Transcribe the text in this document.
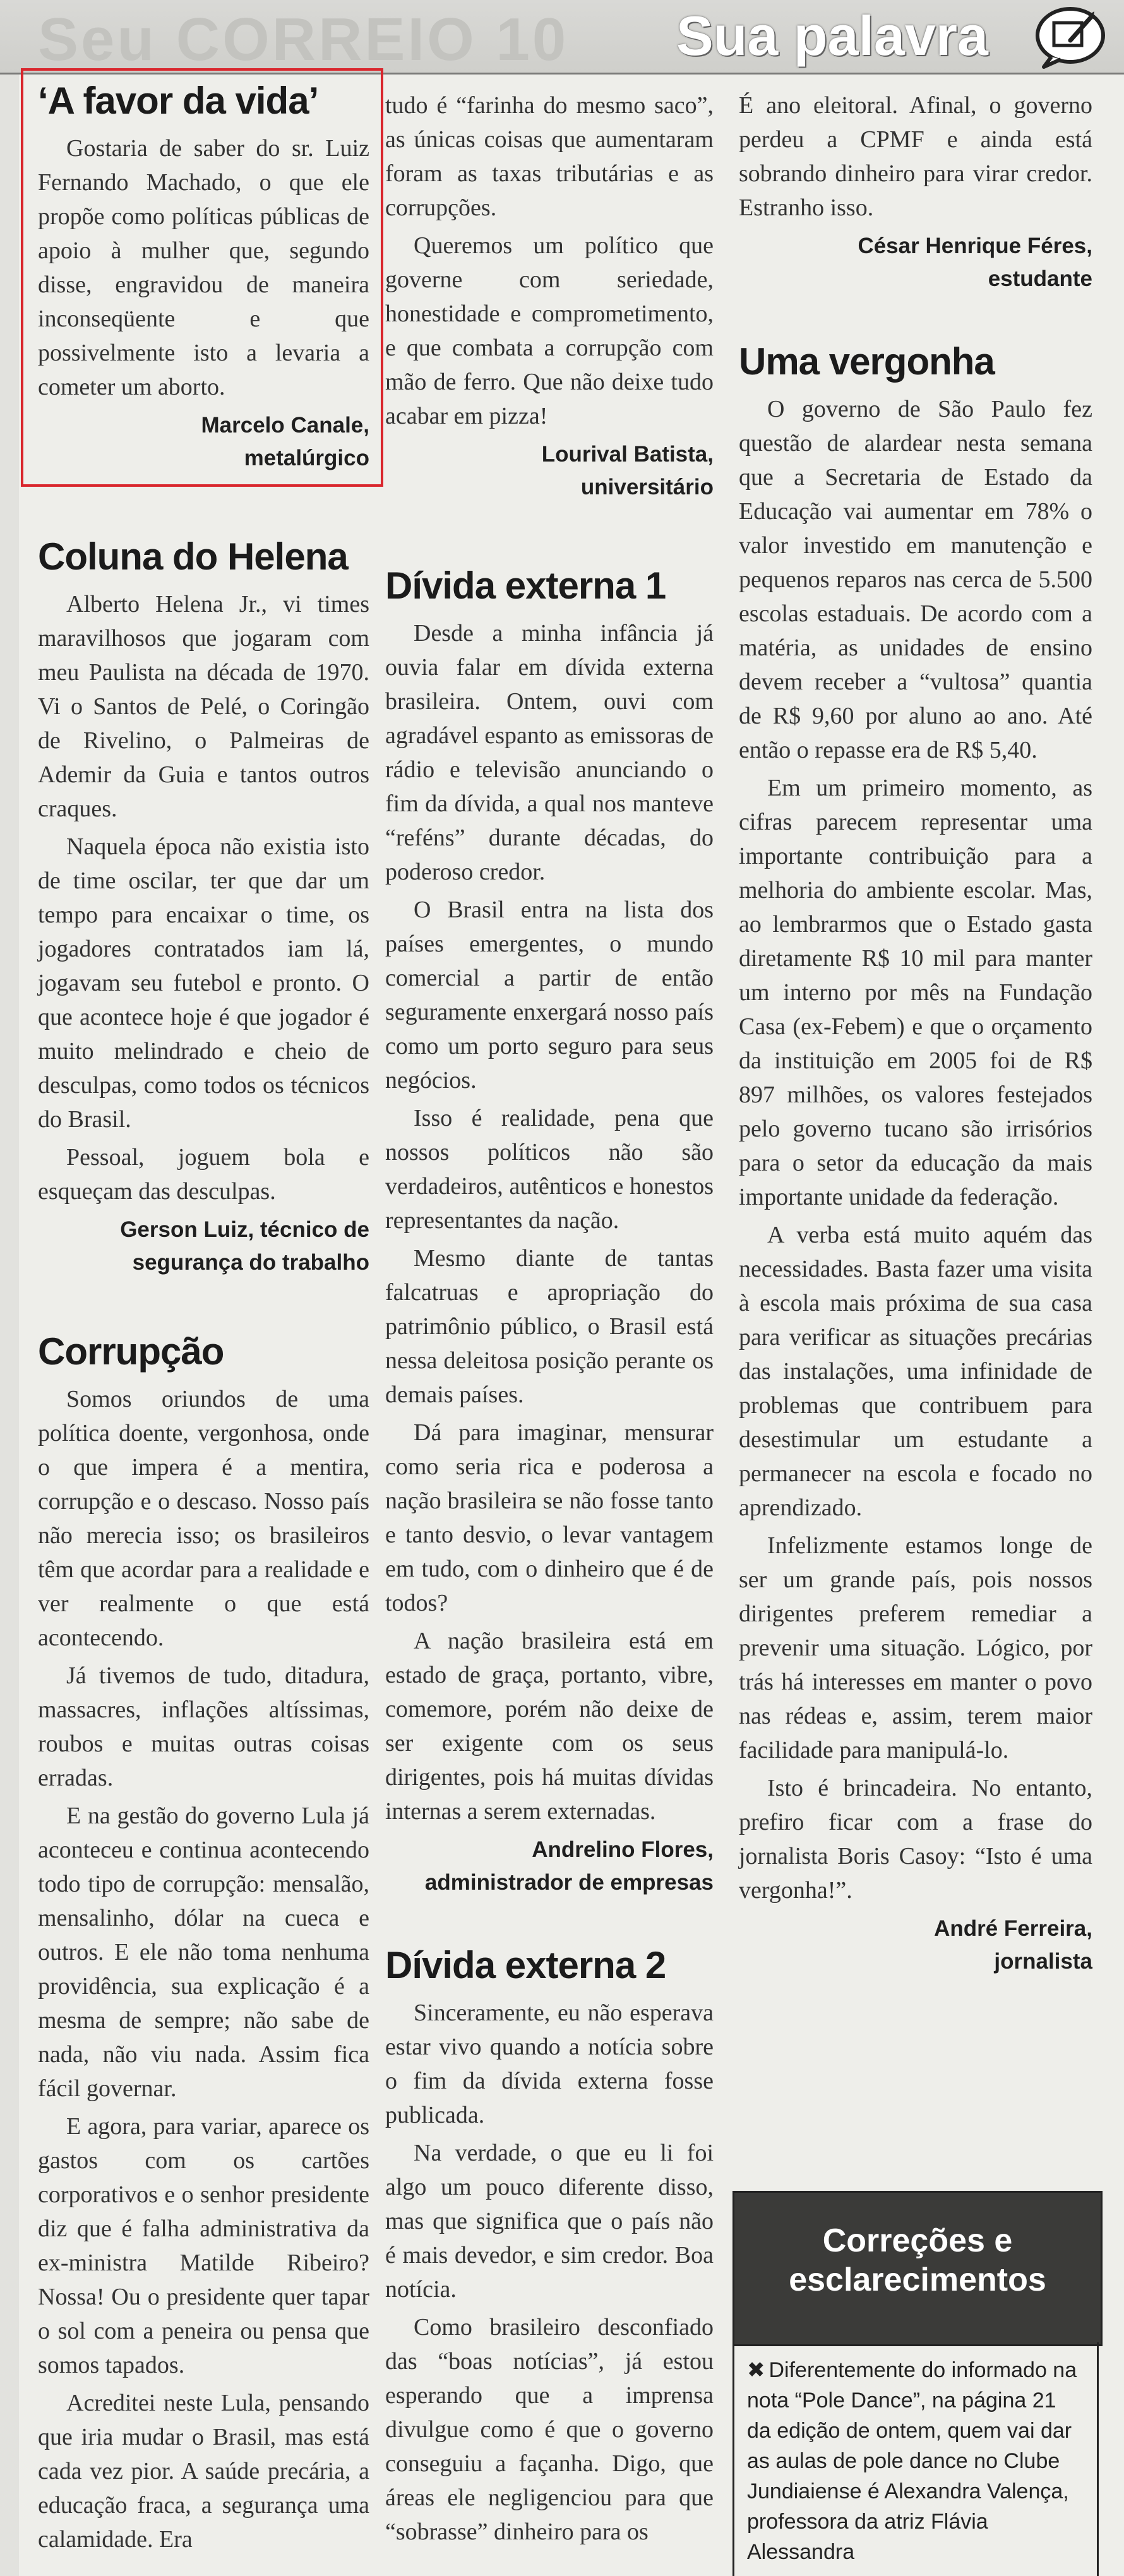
Seu CORREIO 10 Sua palavra
‘A favor da vida’

Gostaria de saber do sr. Luiz Fernando Machado, o que ele propõe como políticas públicas de apoio à mulher que, segundo disse, engravidou de maneira inconseqüente e que possivelmente isto a levaria a cometer um aborto.

Marcelo Canale,
metalúrgico

Coluna do Helena

Alberto Helena Jr., vi times maravilhosos que jogaram com meu Paulista na década de 1970. Vi o Santos de Pelé, o Coringão de Rivelino, o Palmeiras de Ademir da Guia e tantos outros craques.

Naquela época não existia isto de time oscilar, ter que dar um tempo para encaixar o time, os jogadores contratados iam lá, jogavam seu futebol e pronto. O que acontece hoje é que jogador é muito melindrado e cheio de desculpas, como todos os técnicos do Brasil.

Pessoal, joguem bola e esqueçam das desculpas.

Gerson Luiz, técnico de
segurança do trabalho

Corrupção

Somos oriundos de uma política doente, vergonhosa, onde o que impera é a mentira, corrupção e o descaso. Nosso país não merecia isso; os brasileiros têm que acordar para a realidade e ver realmente o que está acontecendo.

Já tivemos de tudo, ditadura, massacres, inflações altíssimas, roubos e muitas outras coisas erradas.

E na gestão do governo Lula já aconteceu e continua acontecendo todo tipo de corrupção: mensalão, mensalinho, dólar na cueca e outros. E ele não toma nenhuma providência, sua explicação é a mesma de sempre; não sabe de nada, não viu nada. Assim fica fácil governar.

E agora, para variar, aparece os gastos com os cartões corporativos e o senhor presidente diz que é falha administrativa da ex-ministra Matilde Ribeiro? Nossa! Ou o presidente quer tapar o sol com a peneira ou pensa que somos tapados.

Acreditei neste Lula, pensando que iria mudar o Brasil, mas está cada vez pior. A saúde precária, a educação fraca, a segurança uma calamidade. Era

tudo é “farinha do mesmo saco”, as únicas coisas que aumentaram foram as taxas tributárias e as corrupções.

Queremos um político que governe com seriedade, honestidade e comprometimento, e que combata a corrupção com mão de ferro. Que não deixe tudo acabar em pizza!

Lourival Batista,
universitário

Dívida externa 1

Desde a minha infância já ouvia falar em dívida externa brasileira. Ontem, ouvi com agradável espanto as emissoras de rádio e televisão anunciando o fim da dívida, a qual nos manteve “reféns” durante décadas, do poderoso credor.

O Brasil entra na lista dos países emergentes, o mundo comercial a partir de então seguramente enxergará nosso país como um porto seguro para seus negócios.

Isso é realidade, pena que nossos políticos não são verdadeiros, autênticos e honestos representantes da nação.

Mesmo diante de tantas falcatruas e apropriação do patrimônio público, o Brasil está nessa deleitosa posição perante os demais países.

Dá para imaginar, mensurar como seria rica e poderosa a nação brasileira se não fosse tanto e tanto desvio, o levar vantagem em tudo, com o dinheiro que é de todos?

A nação brasileira está em estado de graça, portanto, vibre, comemore, porém não deixe de ser exigente com os seus dirigentes, pois há muitas dívidas internas a serem externadas.

Andrelino Flores,
administrador de empresas

Dívida externa 2

Sinceramente, eu não esperava estar vivo quando a notícia sobre o fim da dívida externa fosse publicada.

Na verdade, o que eu li foi algo um pouco diferente disso, mas que significa que o país não é mais devedor, e sim credor. Boa notícia.

Como brasileiro desconfiado das “boas notícias”, já estou esperando que a imprensa divulgue como é que o governo conseguiu a façanha. Digo, que áreas ele negligenciou para que “sobrasse” dinheiro para os

É ano eleitoral. Afinal, o governo perdeu a CPMF e ainda está sobrando dinheiro para virar credor. Estranho isso.

César Henrique Féres,
estudante

Uma vergonha

O governo de São Paulo fez questão de alardear nesta semana que a Secretaria de Estado da Educação vai aumentar em 78% o valor investido em manutenção e pequenos reparos nas cerca de 5.500 escolas estaduais. De acordo com a matéria, as unidades de ensino devem receber a “vultosa” quantia de R$ 9,60 por aluno ao ano. Até então o repasse era de R$ 5,40.

Em um primeiro momento, as cifras parecem representar uma importante contribuição para a melhoria do ambiente escolar. Mas, ao lembrarmos que o Estado gasta diretamente R$ 10 mil para manter um interno por mês na Fundação Casa (ex-Febem) e que o orçamento da instituição em 2005 foi de R$ 897 milhões, os valores festejados pelo governo tucano são irrisórios para o setor da educação da mais importante unidade da federação.

A verba está muito aquém das necessidades. Basta fazer uma visita à escola mais próxima de sua casa para verificar as situações precárias das instalações, uma infinidade de problemas que contribuem para desestimular um estudante a permanecer na escola e focado no aprendizado.

Infelizmente estamos longe de ser um grande país, pois nossos dirigentes preferem remediar a prevenir uma situação. Lógico, por trás há interesses em manter o povo nas rédeas e, assim, terem maior facilidade para manipulá-lo.

Isto é brincadeira. No entanto, prefiro ficar com a frase do jornalista Boris Casoy: “Isto é uma vergonha!”.

André Ferreira,
jornalista

Correções e esclarecimentos

✖ Diferentemente do informado na nota “Pole Dance”, na página 21 da edição de ontem, quem vai dar as aulas de pole dance no Clube Jundiaiense é Alexandra Valença, professora da atriz Flávia Alessandra
